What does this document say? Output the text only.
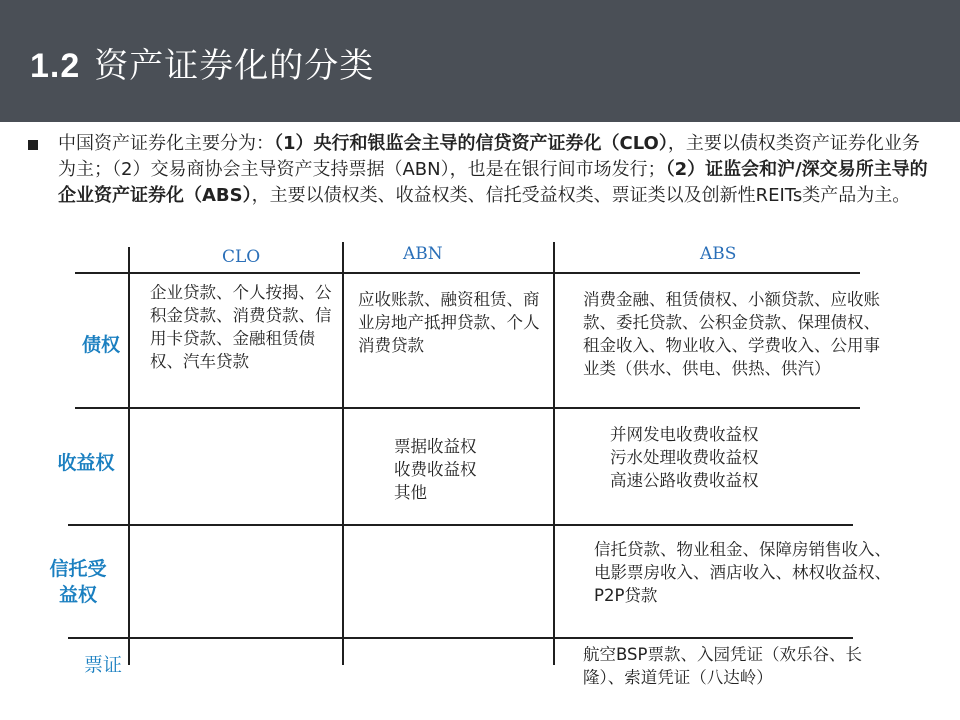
1.2 资产证券化的分类
中国资产证券化主要分为：（1）央行和银监会主导的信贷资产证券化（CLO），主要以债权类资产证券化业务为主；（2）交易商协会主导资产支持票据（ABN），也是在银行间市场发行；（2）证监会和沪/深交易所主导的企业资产证券化（ABS），主要以债权类、收益权类、信托受益权类、票证类以及创新性REITs类产品为主。
CLO	ABN	ABS
债权
收益权
信托受益权
票证
企业贷款、个人按揭、公积金贷款、消费贷款、信用卡贷款、金融租赁债权、汽车贷款
应收账款、融资租赁、商业房地产抵押贷款、个人消费贷款
消费金融、租赁债权、小额贷款、应收账款、委托贷款、公积金贷款、保理债权、租金收入、物业收入、学费收入、公用事业类（供水、供电、供热、供汽）
票据收益权
收费收益权
其他
并网发电收费收益权
污水处理收费收益权
高速公路收费收益权
信托贷款、物业租金、保障房销售收入、电影票房收入、酒店收入、林权收益权、P2P贷款
航空BSP票款、入园凭证（欢乐谷、长隆）、索道凭证（八达岭）
